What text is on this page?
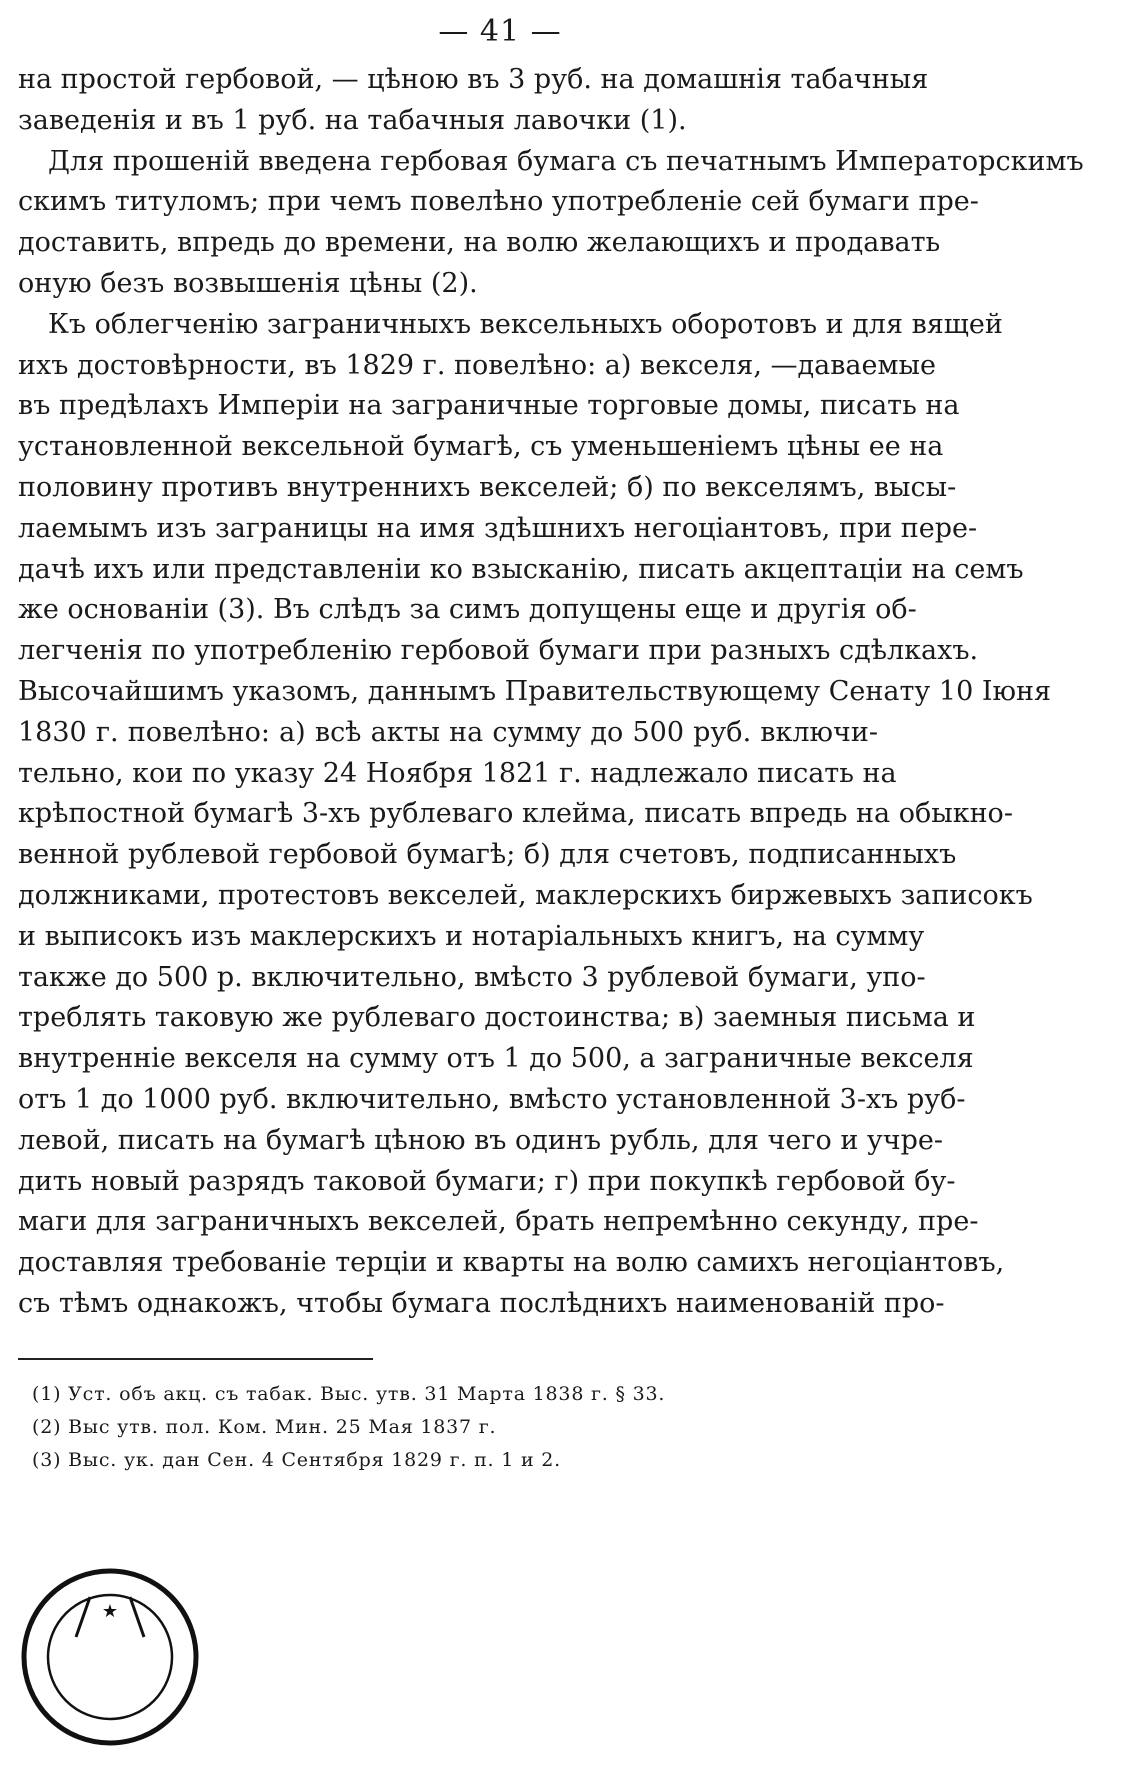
— 41 —
на простой гербовой, — цѣною въ 3 руб. на домашнія табачныя
заведенія и въ 1 руб. на табачныя лавочки (1).
Для прошеній введена гербовая бумага съ печатнымъ Императорскимъ
скимъ титуломъ; при чемъ повелѣно употребленіе сей бумаги пре-
доставить, впредь до времени, на волю желающихъ и продавать
оную безъ возвышенія цѣны (2).
Къ облегченію заграничныхъ вексельныхъ оборотовъ и для вящей
ихъ достовѣрности, въ 1829 г. повелѣно: а) векселя, —даваемые
въ предѣлахъ Имперіи на заграничные торговые домы, писать на
установленной вексельной бумагѣ, съ уменьшеніемъ цѣны ее на
половину противъ внутреннихъ векселей; б) по векселямъ, высы-
лаемымъ изъ заграницы на имя здѣшнихъ негоціантовъ, при пере-
дачѣ ихъ или представленіи ко взысканію, писать акцептаціи на семъ
же основаніи (3). Въ слѣдъ за симъ допущены еще и другія об-
легченія по употребленію гербовой бумаги при разныхъ сдѣлкахъ.
Высочайшимъ указомъ, даннымъ Правительствующему Сенату 10 Іюня
1830 г. повелѣно: а) всѣ акты на сумму до 500 руб. включи-
тельно, кои по указу 24 Ноября 1821 г. надлежало писать на
крѣпостной бумагѣ 3-хъ рублеваго клейма, писать впредь на обыкно-
венной рублевой гербовой бумагѣ; б) для счетовъ, подписанныхъ
должниками, протестовъ векселей, маклерскихъ биржевыхъ записокъ
и выписокъ изъ маклерскихъ и нотаріальныхъ книгъ, на сумму
также до 500 р. включительно, вмѣсто 3 рублевой бумаги, упо-
треблять таковую же рублеваго достоинства; в) заемныя письма и
внутренніе векселя на сумму отъ 1 до 500, а заграничные векселя
отъ 1 до 1000 руб. включительно, вмѣсто установленной 3-хъ руб-
левой, писать на бумагѣ цѣною въ одинъ рубль, для чего и учре-
дить новый разрядъ таковой бумаги; г) при покупкѣ гербовой бу-
маги для заграничныхъ векселей, брать непремѣнно секунду, пре-
доставляя требованіе терціи и кварты на волю самихъ негоціантовъ,
съ тѣмъ однакожъ, чтобы бумага послѣднихъ наименованій про-
(1) Уст. объ акц. съ табак. Выс. утв. 31 Марта 1838 г. § 33.
(2) Выс утв. пол. Ком. Мин. 25 Мая 1837 г.
(3) Выс. ук. дан Сен. 4 Сентября 1829 г. п. 1 и 2.
★
